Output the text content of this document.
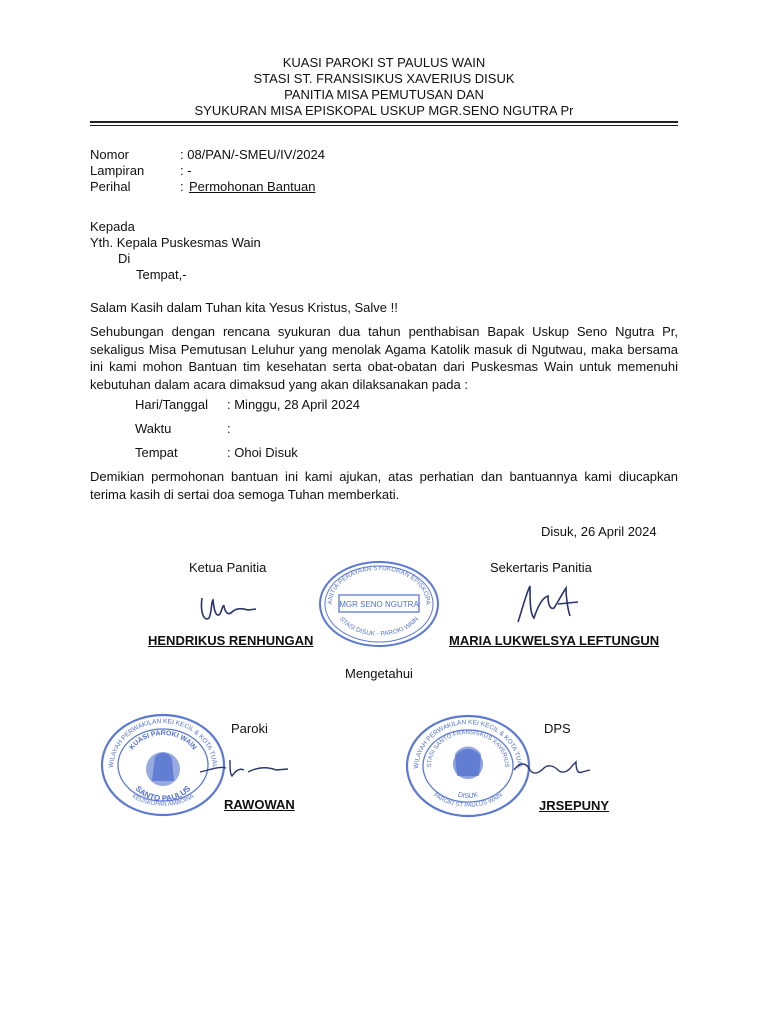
KUASI PAROKI ST PAULUS WAIN
STASI ST. FRANSISIKUS XAVERIUS DISUK
PANITIA MISA PEMUTUSAN DAN
SYUKURAN MISA EPISKOPAL USKUP MGR.SENO NGUTRA Pr
Nomor	: 08/PAN/-SMEU/IV/2024
Lampiran	: -
Perihal	: Permohonan Bantuan
Kepada
Yth. Kepala Puskesmas Wain
Di
Tempat,-
Salam Kasih dalam Tuhan kita Yesus Kristus, Salve !!
Sehubungan dengan rencana syukuran dua tahun penthabisan Bapak Uskup Seno Ngutra Pr, sekaligus Misa Pemutusan Leluhur yang menolak Agama Katolik masuk di Ngutwau, maka bersama ini kami mohon Bantuan tim kesehatan serta obat-obatan dari Puskesmas Wain untuk memenuhi kebutuhan dalam acara dimaksud yang akan dilaksanakan pada :
Hari/Tanggal : Minggu, 28 April 2024
Waktu	:
Tempat	: Ohoi Disuk
Demikian permohonan bantuan ini kami ajukan, atas perhatian dan bantuannya kami diucapkan terima kasih di sertai doa semoga Tuhan memberkati.
Disuk, 26 April 2024
Ketua Panitia	Sekertaris Panitia
ANITIA PERAYAAN SYUKURAN EPISKOPA
MGR SENO NGUTRA
STASI DISUK - PAROKI WAIN
HENDRIKUS RENHUNGAN	MARIA LUKWELSYA LEFTUNGUN
Mengetahui
WILAYAH PERWAKILAN KEI KECIL & KOTA TUAL
KUASI PAROKI WAIN
SANTO PAULUS
KEUSKUPAN AMBOINA
Paroki
RAWOWAN
WILAYAH PERWAKILAN KEI KECIL & KOTA TUAL
STASI SANTO FRANSISKUS XAVERIUS
DISUK
PAROKI ST PAULUS WAIN
DPS
JRSEPUNY
